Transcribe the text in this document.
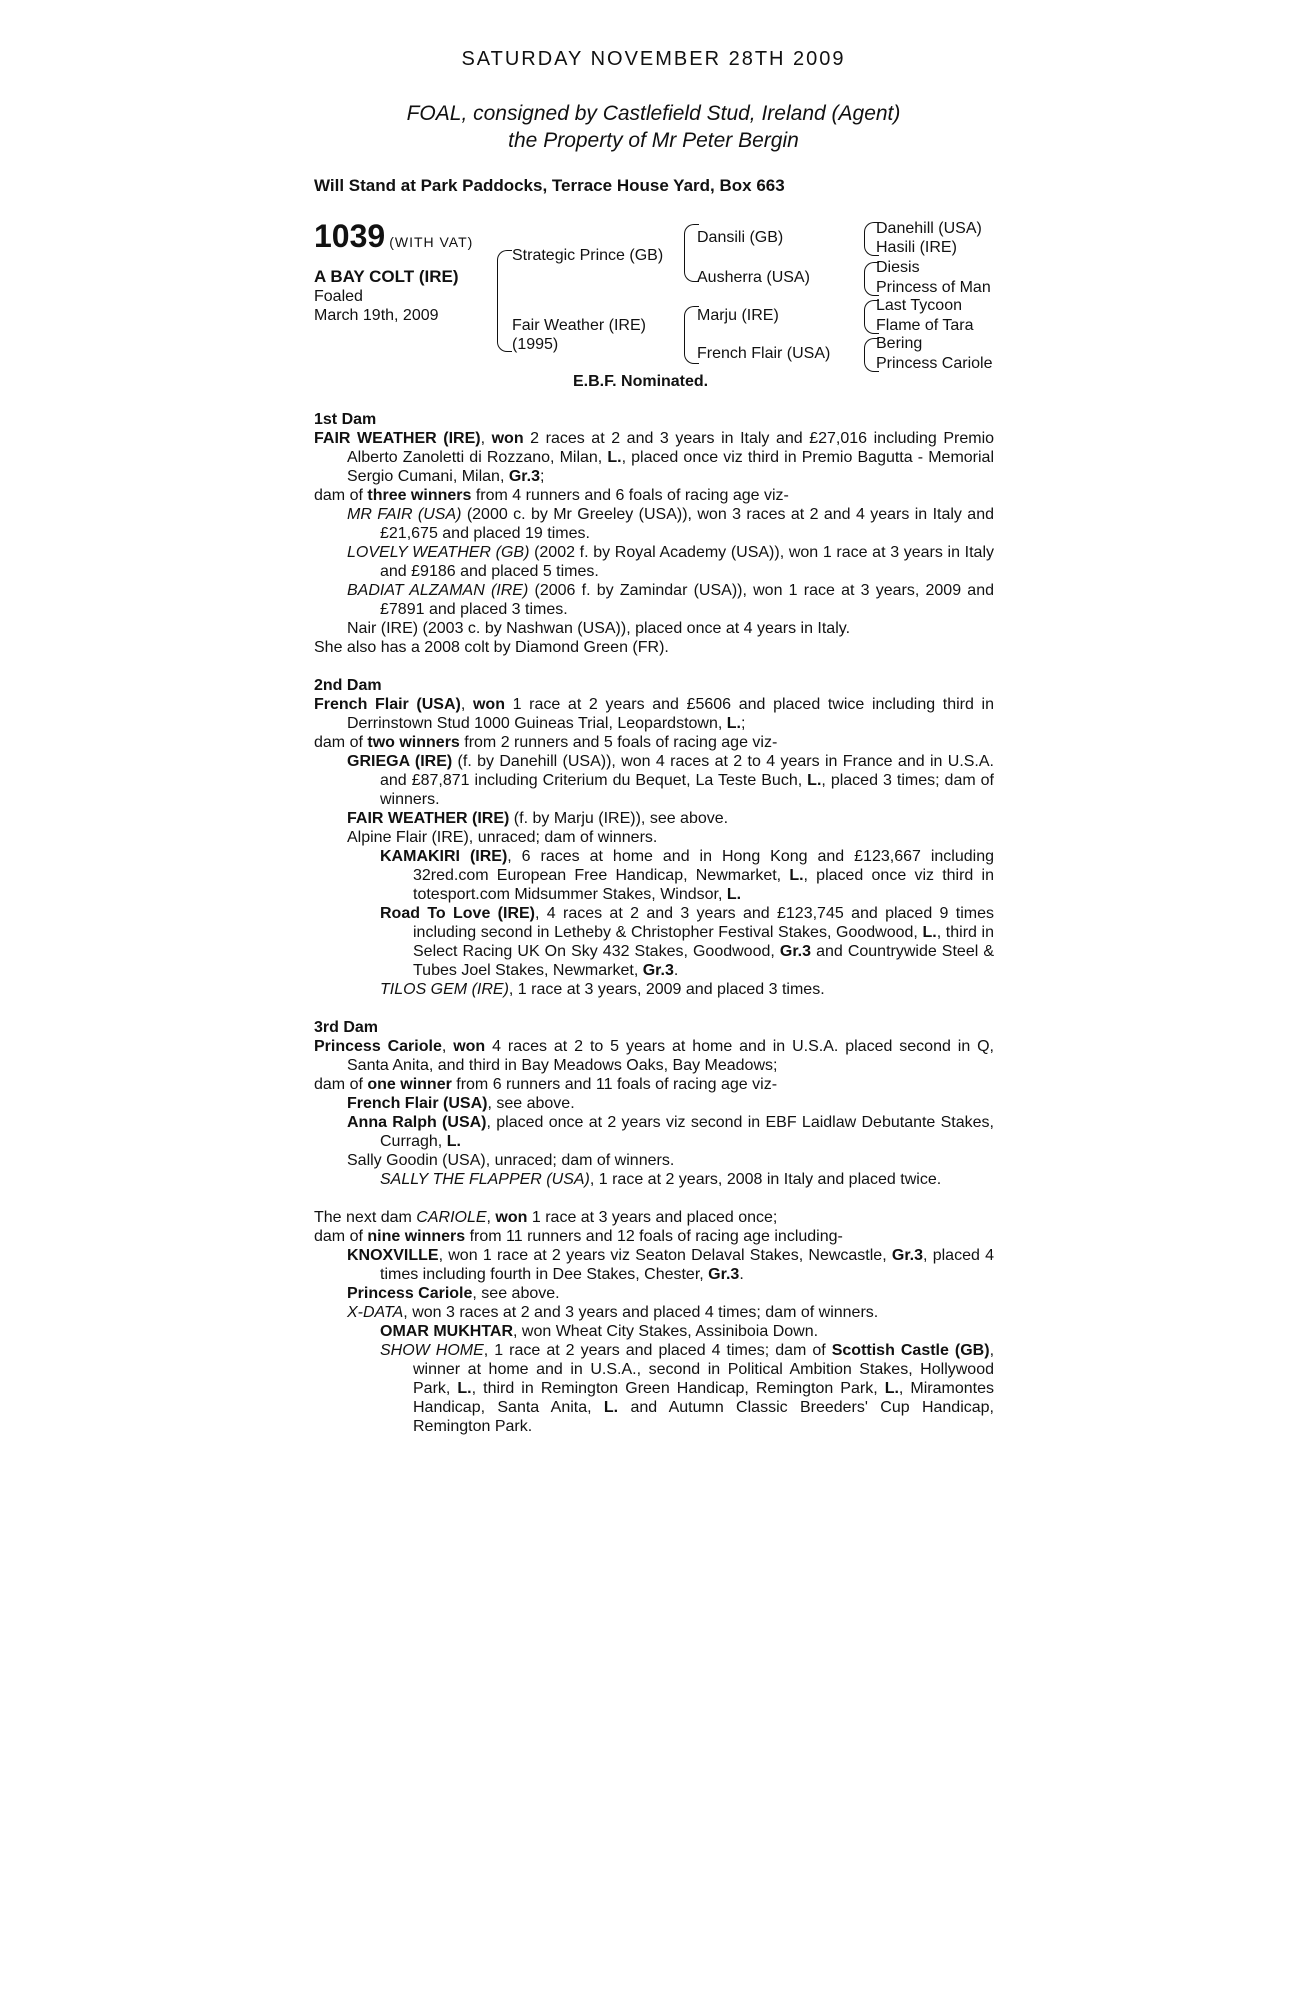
SATURDAY NOVEMBER 28TH 2009
FOAL, consigned by Castlefield Stud, Ireland (Agent)
the Property of Mr Peter Bergin
Will Stand at Park Paddocks, Terrace House Yard, Box 663
1039 (WITH VAT)
A BAY COLT (IRE)
Foaled
March 19th, 2009
Strategic Prince (GB)
Fair Weather (IRE)
(1995)
Dansili (GB)
Ausherra (USA)
Marju (IRE)
French Flair (USA)
Danehill (USA)
Hasili (IRE)
Diesis
Princess of Man
Last Tycoon
Flame of Tara
Bering
Princess Cariole
E.B.F. Nominated.

1st Dam

FAIR WEATHER (IRE), won 2 races at 2 and 3 years in Italy and £27,016 including Premio Alberto Zanoletti di Rozzano, Milan, L., placed once viz third in Premio Bagutta - Memorial Sergio Cumani, Milan, Gr.3;

dam of three winners from 4 runners and 6 foals of racing age viz-

MR FAIR (USA) (2000 c. by Mr Greeley (USA)), won 3 races at 2 and 4 years in Italy and £21,675 and placed 19 times.

LOVELY WEATHER (GB) (2002 f. by Royal Academy (USA)), won 1 race at 3 years in Italy and £9186 and placed 5 times.

BADIAT ALZAMAN (IRE) (2006 f. by Zamindar (USA)), won 1 race at 3 years, 2009 and £7891 and placed 3 times.

Nair (IRE) (2003 c. by Nashwan (USA)), placed once at 4 years in Italy.

She also has a 2008 colt by Diamond Green (FR).

2nd Dam

French Flair (USA), won 1 race at 2 years and £5606 and placed twice including third in Derrinstown Stud 1000 Guineas Trial, Leopardstown, L.;

dam of two winners from 2 runners and 5 foals of racing age viz-

GRIEGA (IRE) (f. by Danehill (USA)), won 4 races at 2 to 4 years in France and in U.S.A. and £87,871 including Criterium du Bequet, La Teste Buch, L., placed 3 times; dam of winners.

FAIR WEATHER (IRE) (f. by Marju (IRE)), see above.

Alpine Flair (IRE), unraced; dam of winners.

KAMAKIRI (IRE), 6 races at home and in Hong Kong and £123,667 including 32red.com European Free Handicap, Newmarket, L., placed once viz third in totesport.com Midsummer Stakes, Windsor, L.

Road To Love (IRE), 4 races at 2 and 3 years and £123,745 and placed 9 times including second in Letheby & Christopher Festival Stakes, Goodwood, L., third in Select Racing UK On Sky 432 Stakes, Goodwood, Gr.3 and Countrywide Steel & Tubes Joel Stakes, Newmarket, Gr.3.

TILOS GEM (IRE), 1 race at 3 years, 2009 and placed 3 times.

3rd Dam

Princess Cariole, won 4 races at 2 to 5 years at home and in U.S.A. placed second in Q, Santa Anita, and third in Bay Meadows Oaks, Bay Meadows;

dam of one winner from 6 runners and 11 foals of racing age viz-

French Flair (USA), see above.

Anna Ralph (USA), placed once at 2 years viz second in EBF Laidlaw Debutante Stakes, Curragh, L.

Sally Goodin (USA), unraced; dam of winners.

SALLY THE FLAPPER (USA), 1 race at 2 years, 2008 in Italy and placed twice.

The next dam CARIOLE, won 1 race at 3 years and placed once;

dam of nine winners from 11 runners and 12 foals of racing age including-

KNOXVILLE, won 1 race at 2 years viz Seaton Delaval Stakes, Newcastle, Gr.3, placed 4 times including fourth in Dee Stakes, Chester, Gr.3.

Princess Cariole, see above.

X-DATA, won 3 races at 2 and 3 years and placed 4 times; dam of winners.

OMAR MUKHTAR, won Wheat City Stakes, Assiniboia Down.

SHOW HOME, 1 race at 2 years and placed 4 times; dam of Scottish Castle (GB), winner at home and in U.S.A., second in Political Ambition Stakes, Hollywood Park, L., third in Remington Green Handicap, Remington Park, L., Miramontes Handicap, Santa Anita, L. and Autumn Classic Breeders' Cup Handicap, Remington Park.
